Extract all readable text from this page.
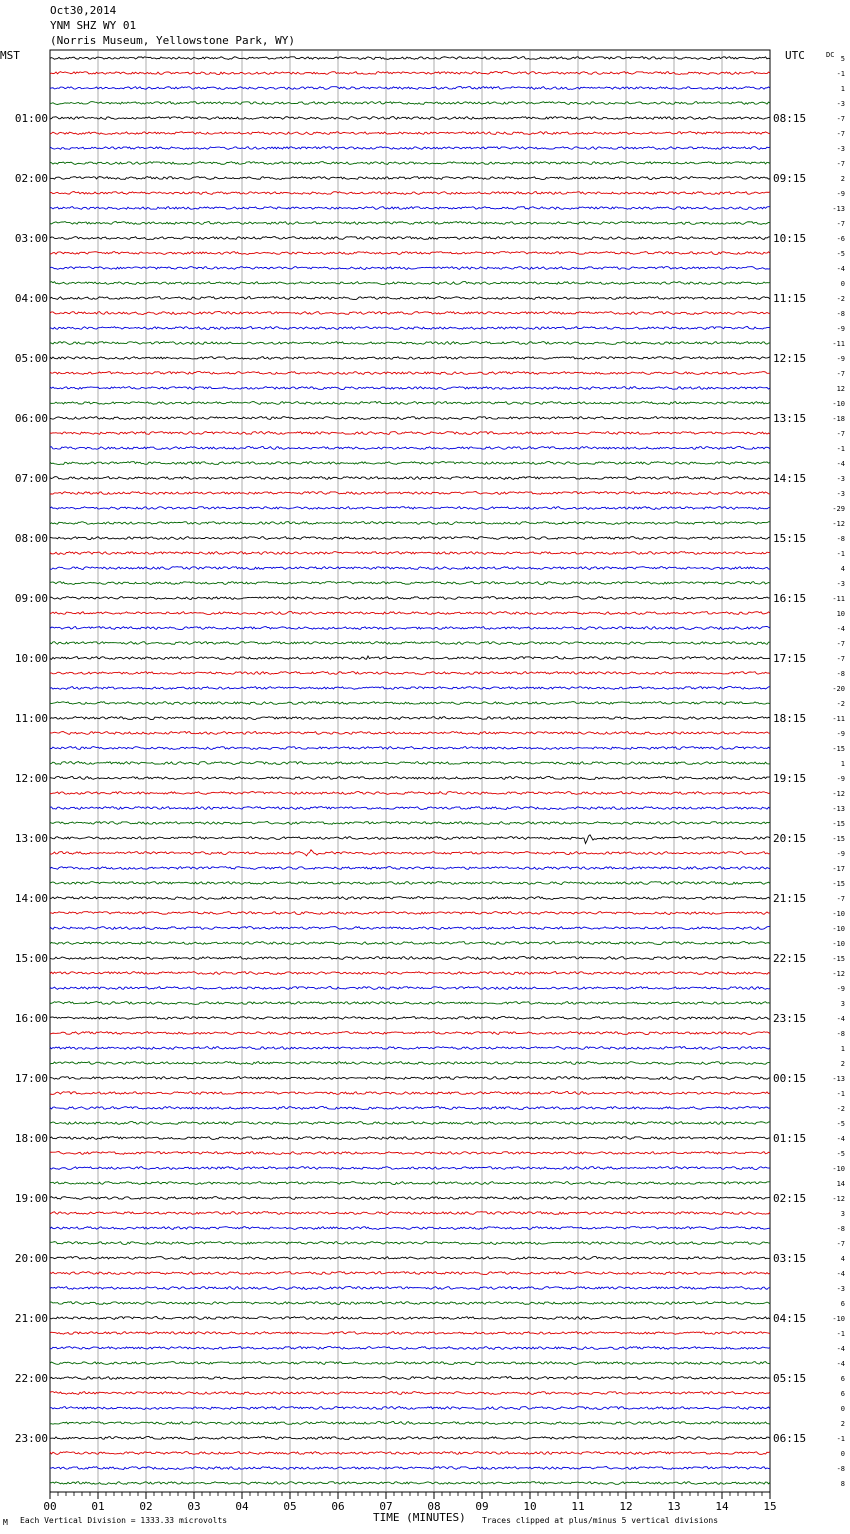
Oct30,2014
YNM SHZ WY 01
(Norris Museum, Yellowstone Park, WY)
MST	UTC
01:00	08:15
02:00	09:15
03:00	10:15
04:00	11:15
05:00	12:15
06:00	13:15
07:00	14:15
08:00	15:15
09:00	16:15
10:00	17:15
11:00	18:15
12:00	19:15
13:00	20:15
14:00	21:15
15:00	22:15
16:00	23:15
17:00	00:15
18:00	01:15
19:00	02:15
20:00	03:15
21:00	04:15
22:00	05:15
23:00	06:15
DC 5
-1
1
-3
-7
-7
-3
-7
2
-9
-13
-7
-6
-5
-4
0
-2
-8
-9
-11
-9
-7
12
-10
-18
-7
-1
-4
-3
-3
-29
-12
-8
-1
4
-3
-11
10
-4
-7
-7
-8
-20
-2
-11
-9
-15
1
-9
-12
-13
-15
-15
-9
-17
-15
-7
-10
-10
-10
-15
-12
-9
3
-4
-8
1
2
-13
-1
-2
-5
-4
-5
-10
14
-12
3
-8
-7
4
-4
-3
6
-10
-1
-4
-4
6
6
0
2
-1
0
-8
8
00	01	02	03	04	05	06	07	08	09	10	11	12	13	14	15
TIME (MINUTES)
M Each Vertical Division = 1333.33 microvolts	Traces clipped at plus/minus 5 vertical divisions
